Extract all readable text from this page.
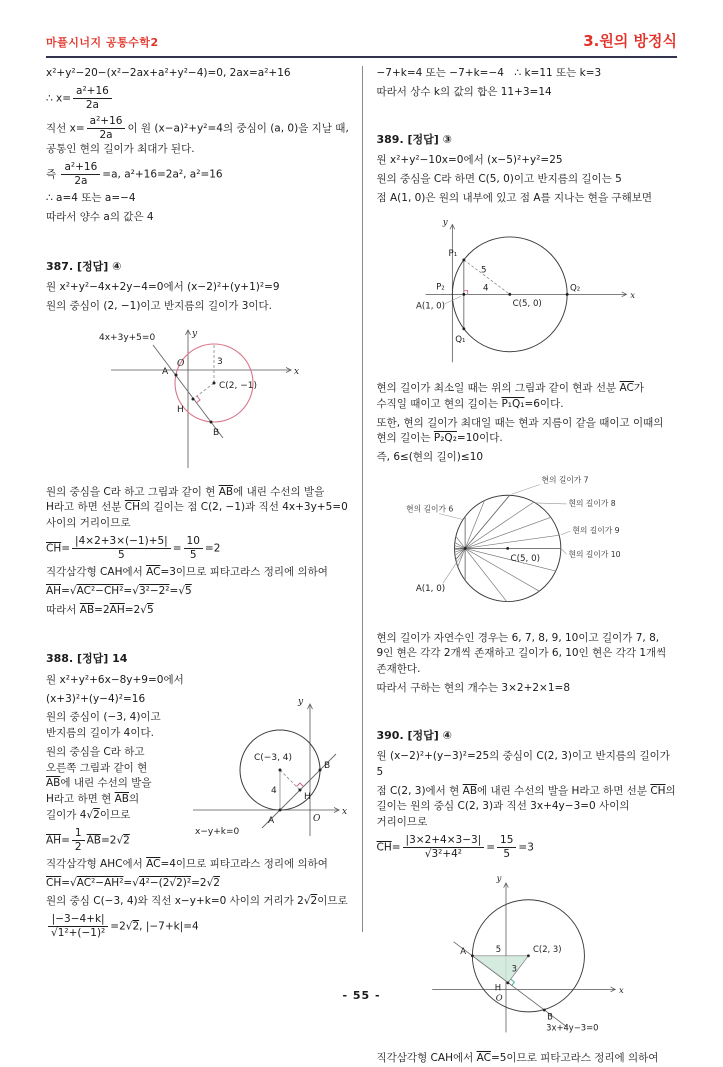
마플시너지 공통수학2	3.원의 방정식

x²+y²−20−(x²−2ax+a²+y²−4)=0, 2ax=a²+16

∴ $x= \frac{\text{a²+16}}{2a}$

직선 $x= \frac{\text{a²+16}}{2a}$ 이 원 (x−a)²+y²=4의 중심이 (a, 0)을 지날 때, 공통인 현의 길이가 최대가 된다.

즉 $\frac{\text{a²+16}}{2a} =a$, a²+16=2a², a²=16

∴ a=4 또는 a=−4

따라서 양수 a의 값은 4

387. [정답] ④

원 x²+y²−4x+2y−4=0에서 (x−2)²+(y+1)²=9

원의 중심이 (2, −1)이고 반지름의 길이가 3이다.

4x+3y+5=0
O
x
y
3
C(2, −1)
A
H
B

원의 중심을 C라 하고 그림과 같이 현 $\overline{AB}$에 내린 수선의 발을 H라고 하면 선분 $\overline{CH}$의 길이는 점 C(2, −1)과 직선 4x+3y+5=0 사이의 거리이므로

$\overline{CH}= \frac{|4\times 2+3\times(-1)+5|}{5} = \frac{10}{5} =2$

직각삼각형 CAH에서 $\overline{AC}=3$이므로 피타고라스 정리에 의하여

$\overline{AH}=√AC^2-CH^2=√3^2-2^2=√5$

따라서 $\overline{AB}=2\overline{AH}=2√5$

388. [정답] 14

원 x²+y²+6x−8y+9=0에서

C(−3, 4)
B
H
A	O
x−y+k=0
x
y
4

(x+3)²+(y−4)²=16

원의 중심이 (−3, 4)이고 반지름의 길이가 4이다.

원의 중심을 C라 하고 오른쪽 그림과 같이 현 $\overline{AB}$에 내린 수선의 발을 H라고 하면 현 $\overline{AB}$의 길이가 4√2이므로

$\overline{AH}= \frac{1}{2} \overline{AB}=2√2$

직각삼각형 AHC에서 $\overline{AC}=4$이므로 피타고라스 정리에 의하여

$\overline{CH}=√AC^2-AH^2=√4^2-(2√2)^2=2√2$

원의 중심 C(−3, 4)와 직선 x−y+k=0 사이의 거리가 2√2이므로

$\frac{|-3-4+k|}{\text{√1²+(−1)²}} =2√2$, |−7+k|=4

−7+k=4 또는 −7+k=−4 ∴ k=11 또는 k=3

따라서 상수 k의 값의 합은 11+3=14

389. [정답] ③

원 x²+y²−10x=0에서 (x−5)²+y²=25

원의 중심을 C라 하면 C(5, 0)이고 반지름의 길이는 5

점 A(1, 0)은 원의 내부에 있고 점 A를 지나는 현을 구해보면

P₁
Q₁
Q₂
P₂
A(1, 0)	C(5, 0)
5
4
x
y

현의 길이가 최소일 때는 위의 그림과 같이 현과 선분 $\overline{AC}$가 수직일 때이고 현의 길이는 P₁Q₁=6이다.

또한, 현의 길이가 최대일 때는 현과 지름이 같을 때이고 이때의 현의 길이는 P₂Q₂=10이다.

즉, 6≤(현의 길이)≤10

현의 길이가 6
현의 길이가 7
현의 길이가 8
현의 길이가 9
현의 길이가 10
C(5, 0)
A(1, 0)

현의 길이가 자연수인 경우는 6, 7, 8, 9, 10이고 길이가 7, 8, 9인 현은 각각 2개씩 존재하고 길이가 6, 10인 현은 각각 1개씩 존재한다.

따라서 구하는 현의 개수는 3×2+2×1=8

390. [정답] ④

원 (x−2)²+(y−3)²=25의 중심이 C(2, 3)이고 반지름의 길이가 5

점 C(2, 3)에서 현 $\overline{AB}$에 내린 수선의 발을 H라고 하면 선분 $\overline{CH}$의 길이는 원의 중심 C(2, 3)과 직선 3x+4y−3=0 사이의 거리이므로

$\overline{CH}= \frac{|3\times 2+4\times 3-3|}{\text{√3²+4²}} = \frac{15}{5} =3$

C(2, 3)
A
H
B
O
3
5
3x+4y−3=0
x
y

직각삼각형 CAH에서 $\overline{AC}=5$이므로 피타고라스 정리에 의하여

- 55 -
